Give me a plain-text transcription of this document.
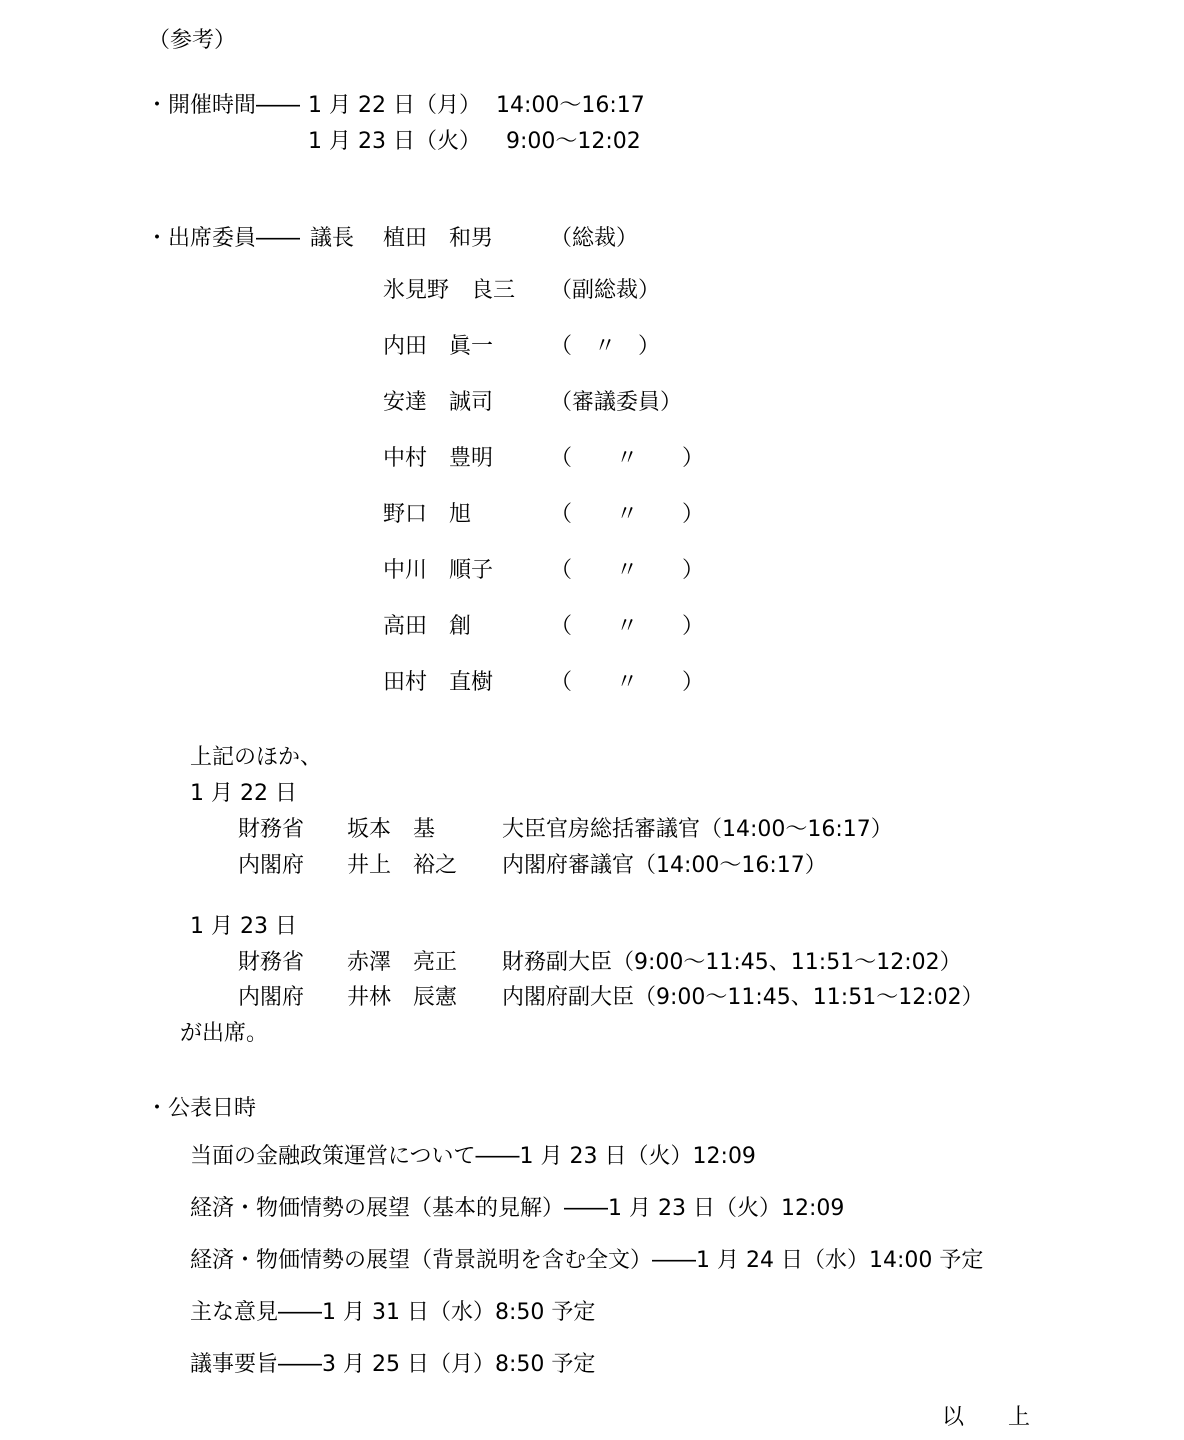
（参考）
・開催時間―― 1 月 22 日（月） 14:00～16:17
1 月 23 日（火） 9:00～12:02
・出席委員―― 議長 植田　和男	（総裁）
氷見野　良三 （副総裁）
内田　眞一	（　〃　）
安達　誠司	（審議委員）
中村　豊明	（　　〃　　）
野口　旭	（　　〃　　）
中川　順子	（　　〃　　）
高田　創	（　　〃　　）
田村　直樹	（　　〃　　）
上記のほか、
1 月 22 日
財務省 坂本　基	大臣官房総括審議官（14:00～16:17）
内閣府 井上　裕之 内閣府審議官（14:00～16:17）
1 月 23 日
財務省 赤澤　亮正 財務副大臣（9:00～11:45、11:51～12:02）
内閣府 井林　辰憲 内閣府副大臣（9:00～11:45、11:51～12:02）
が出席。
・公表日時
当面の金融政策運営について――1 月 23 日（火）12:09
経済・物価情勢の展望（基本的見解）――1 月 23 日（火）12:09
経済・物価情勢の展望（背景説明を含む全文）――1 月 24 日（水）14:00 予定
主な意見――1 月 31 日（水）8:50 予定
議事要旨――3 月 25 日（月）8:50 予定
以　　上
